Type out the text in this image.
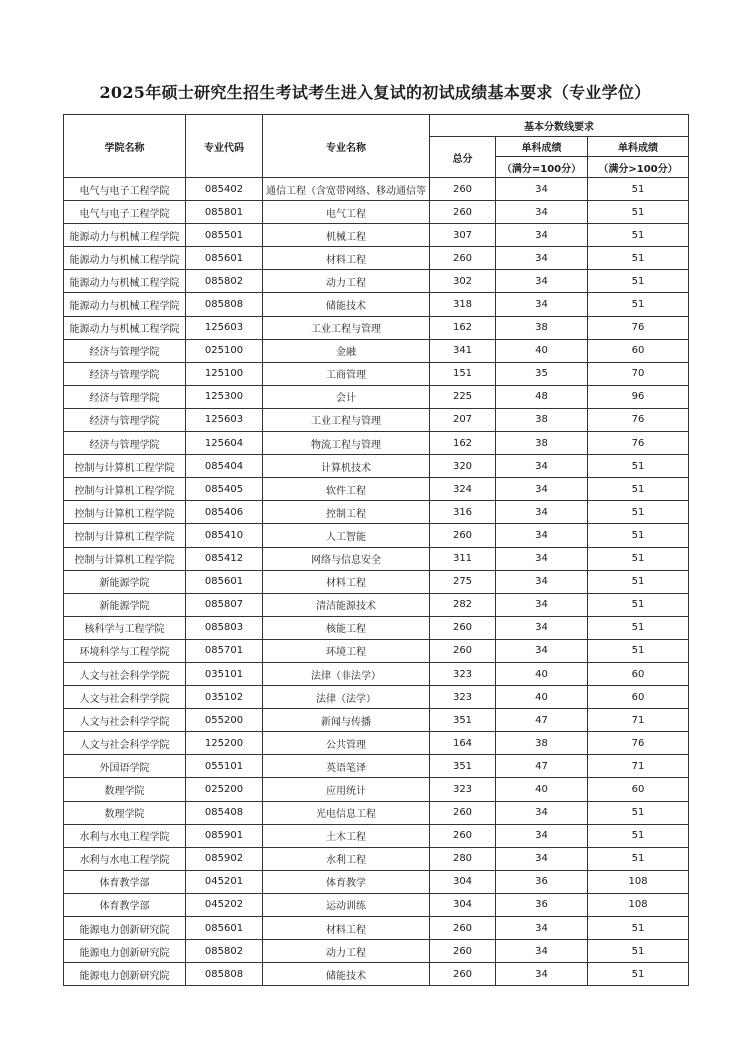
2025年硕士研究生招生考试考生进入复试的初试成绩基本要求（专业学位）
学院名称	专业代码	专业名称	基本分数线要求		
			总分	单科成绩	单科成绩
				（满分=100分）	（满分>100分）
电气与电子工程学院	085402	通信工程（含宽带网络、移动通信等	260	34	51
电气与电子工程学院	085801	电气工程	260	34	51
能源动力与机械工程学院	085501	机械工程	307	34	51
能源动力与机械工程学院	085601	材料工程	260	34	51
能源动力与机械工程学院	085802	动力工程	302	34	51
能源动力与机械工程学院	085808	储能技术	318	34	51
能源动力与机械工程学院	125603	工业工程与管理	162	38	76
经济与管理学院	025100	金融	341	40	60
经济与管理学院	125100	工商管理	151	35	70
经济与管理学院	125300	会计	225	48	96
经济与管理学院	125603	工业工程与管理	207	38	76
经济与管理学院	125604	物流工程与管理	162	38	76
控制与计算机工程学院	085404	计算机技术	320	34	51
控制与计算机工程学院	085405	软件工程	324	34	51
控制与计算机工程学院	085406	控制工程	316	34	51
控制与计算机工程学院	085410	人工智能	260	34	51
控制与计算机工程学院	085412	网络与信息安全	311	34	51
新能源学院	085601	材料工程	275	34	51
新能源学院	085807	清洁能源技术	282	34	51
核科学与工程学院	085803	核能工程	260	34	51
环境科学与工程学院	085701	环境工程	260	34	51
人文与社会科学学院	035101	法律（非法学）	323	40	60
人文与社会科学学院	035102	法律（法学）	323	40	60
人文与社会科学学院	055200	新闻与传播	351	47	71
人文与社会科学学院	125200	公共管理	164	38	76
外国语学院	055101	英语笔译	351	47	71
数理学院	025200	应用统计	323	40	60
数理学院	085408	光电信息工程	260	34	51
水利与水电工程学院	085901	土木工程	260	34	51
水利与水电工程学院	085902	水利工程	280	34	51
体育教学部	045201	体育教学	304	36	108
体育教学部	045202	运动训练	304	36	108
能源电力创新研究院	085601	材料工程	260	34	51
能源电力创新研究院	085802	动力工程	260	34	51
能源电力创新研究院	085808	储能技术	260	34	51
